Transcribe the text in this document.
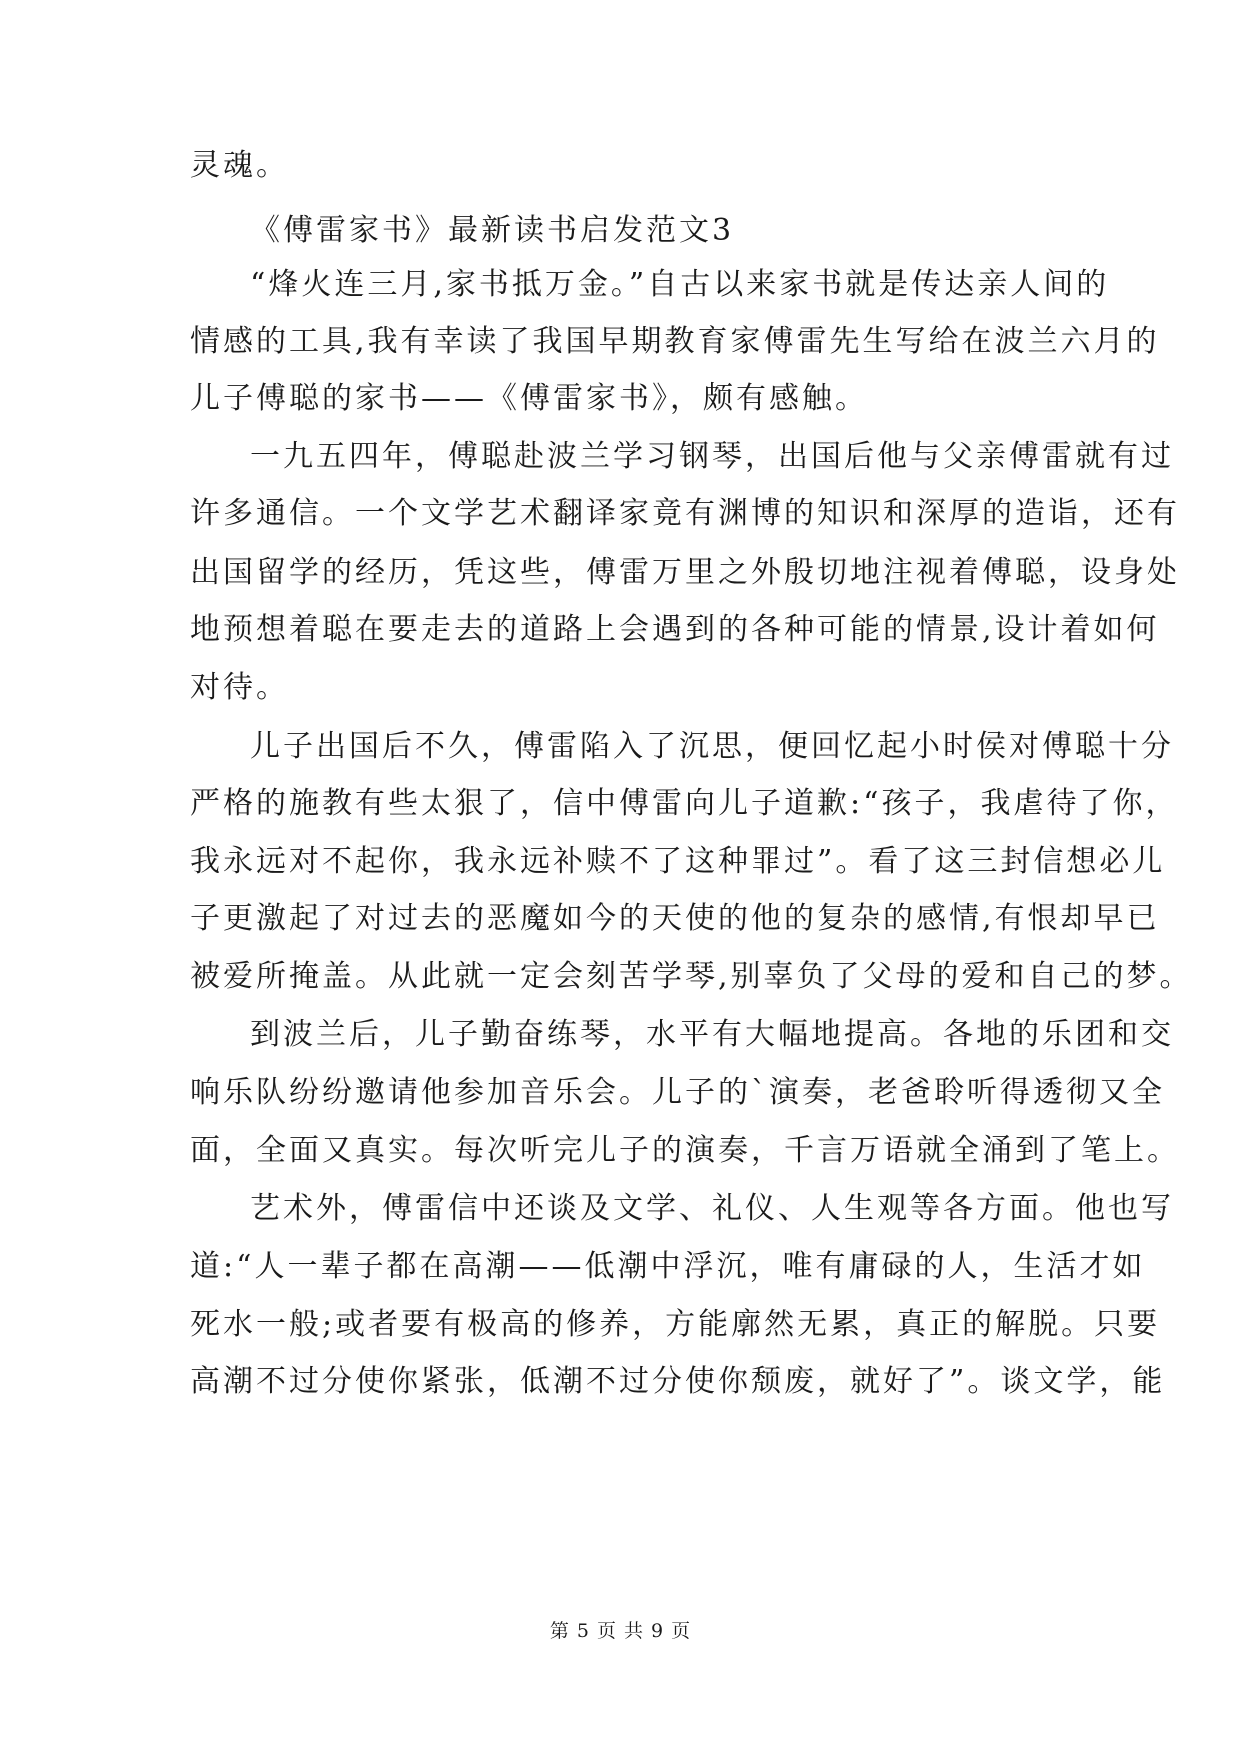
灵魂。
《傅雷家书》最新读书启发范文3
“烽火连三月,家书抵万金。”自古以来家书就是传达亲人间的
情感的工具,我有幸读了我国早期教育家傅雷先生写给在波兰六月的
儿子傅聪的家书——《傅雷家书》，颇有感触。
一九五四年，傅聪赴波兰学习钢琴，出国后他与父亲傅雷就有过
许多通信。一个文学艺术翻译家竟有渊博的知识和深厚的造诣，还有
出国留学的经历，凭这些，傅雷万里之外殷切地注视着傅聪，设身处
地预想着聪在要走去的道路上会遇到的各种可能的情景,设计着如何
对待。
儿子出国后不久，傅雷陷入了沉思，便回忆起小时侯对傅聪十分
严格的施教有些太狠了，信中傅雷向儿子道歉:“孩子，我虐待了你，
我永远对不起你，我永远补赎不了这种罪过”。看了这三封信想必儿
子更激起了对过去的恶魔如今的天使的他的复杂的感情,有恨却早已
被爱所掩盖。从此就一定会刻苦学琴,别辜负了父母的爱和自己的梦。
到波兰后，儿子勤奋练琴，水平有大幅地提高。各地的乐团和交
响乐队纷纷邀请他参加音乐会。儿子的`演奏，老爸聆听得透彻又全
面，全面又真实。每次听完儿子的演奏，千言万语就全涌到了笔上。
艺术外，傅雷信中还谈及文学、礼仪、人生观等各方面。他也写
道:“人一辈子都在高潮——低潮中浮沉，唯有庸碌的人，生活才如
死水一般;或者要有极高的修养，方能廓然无累，真正的解脱。只要
高潮不过分使你紧张，低潮不过分使你颓废，就好了”。谈文学，能
第 5 页 共 9 页
